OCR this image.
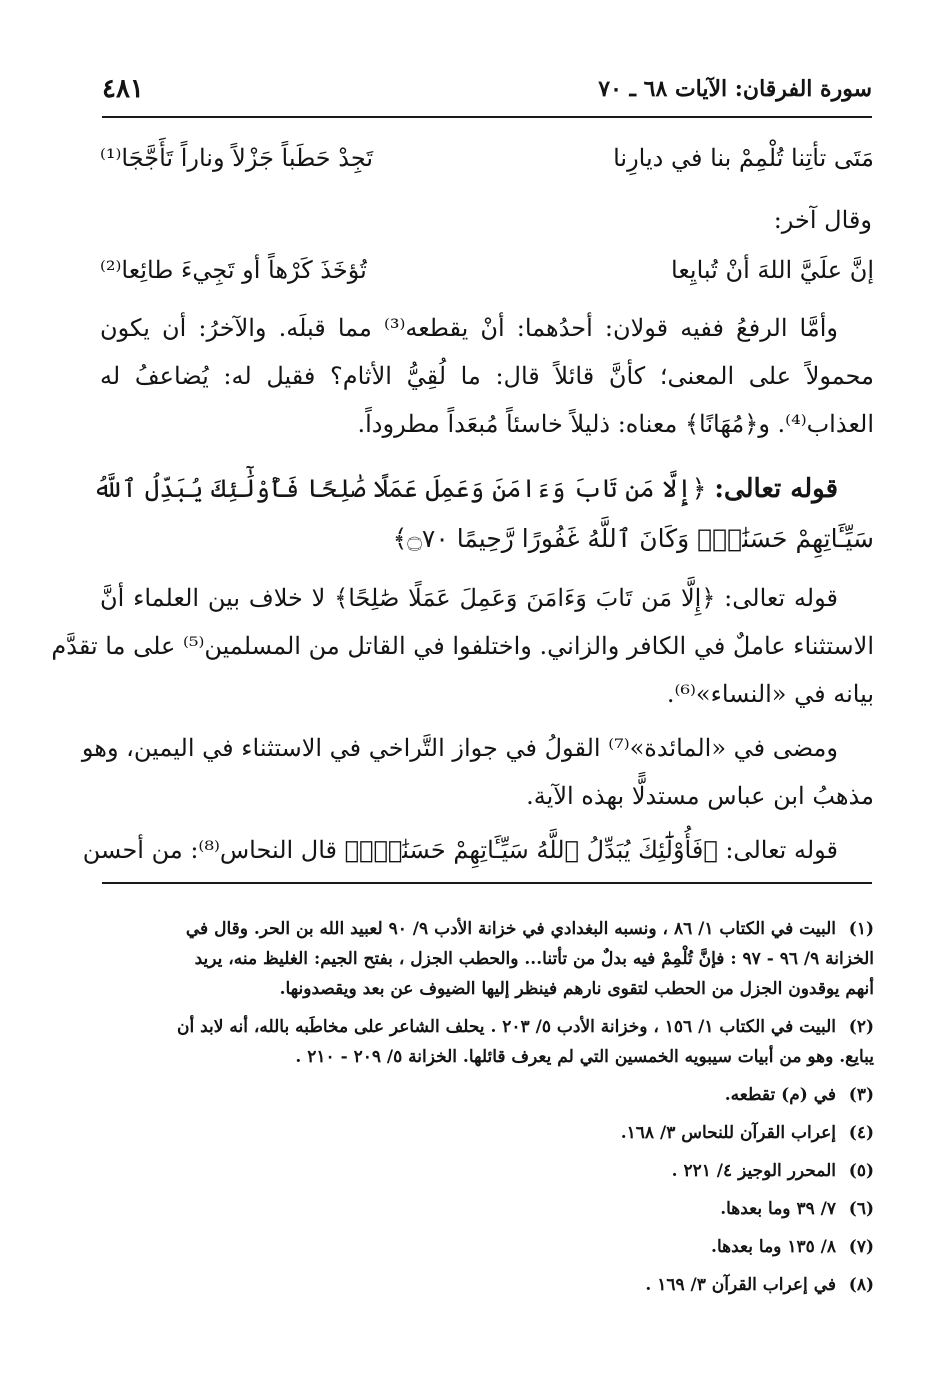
سورة الفرقان: الآيات ٦٨ ـ ٧٠
٤٨١
مَتَى تأتِنا تُلْمِمْ بنا في ديارِنا
تَجِدْ حَطَباً جَزْلاً وناراً تَأَجَّجَا⁽¹⁾
وقال آخر:
إنَّ علَيَّ اللهَ أنْ تُبايِعا
تُؤخَذَ كَرْهاً أو تَجِيءَ طائِعا⁽²⁾
وأمَّا الرفعُ ففيه قولان: أحدُهما: أنْ يقطعه⁽³⁾ مما قبلَه. والآخرُ: أن يكون
محمولاً على المعنى؛ كأنَّ قائلاً قال: ما لُقِيُّ الأثام؟ فقيل له: يُضاعفُ له
العذاب⁽⁴⁾. و﴿مُهَانًا﴾ معناه: ذليلاً خاسئاً مُبعَداً مطروداً.
قوله تعالى: ﴿إِلَّا مَن تَابَ وَءَامَنَ وَعَمِلَ عَمَلًا صَٰلِحًا فَأُوْلَٰٓئِكَ يُبَدِّلُ ٱللَّهُ
سَيِّـَٔاتِهِمْ حَسَنَٰتٍۗ وَكَانَ ٱللَّهُ غَفُورًا رَّحِيمًا ۝٧٠﴾
قوله تعالى: ﴿إِلَّا مَن تَابَ وَءَامَنَ وَعَمِلَ عَمَلًا صَٰلِحًا﴾ لا خلاف بين العلماء أنَّ
الاستثناء عاملٌ في الكافر والزاني. واختلفوا في القاتل من المسلمين⁽⁵⁾ على ما تقدَّم
بيانه في «النساء»⁽⁶⁾.
ومضى في «المائدة»⁽⁷⁾ القولُ في جواز التَّراخي في الاستثناء في اليمين، وهو
مذهبُ ابن عباس مستدلًّا بهذه الآية.
قوله تعالى: ﴿فَأُوْلَٰٓئِكَ يُبَدِّلُ ٱللَّهُ سَيِّـَٔاتِهِمْ حَسَنَٰتٍۗ﴾ قال النحاس⁽⁸⁾: من أحسن
(١)
البيت في الكتاب ١/ ٨٦ ، ونسبه البغدادي في خزانة الأدب ٩/ ٩٠ لعبيد الله بن الحر. وقال في
الخزانة ٩/ ٩٦ - ٩٧ : فإنَّ تُلْمِمْ فيه بدلٌ من تأتنا... والحطب الجزل ، بفتح الجيم: الغليظ منه، يريد
أنهم يوقدون الجزل من الحطب لتقوى نارهم فينظر إليها الضيوف عن بعد ويقصدونها.
(٢)
البيت في الكتاب ١/ ١٥٦ ، وخزانة الأدب ٥/ ٢٠٣ . يحلف الشاعر على مخاطَبه بالله، أنه لابد أن
يبايع. وهو من أبيات سيبويه الخمسين التي لم يعرف قائلها. الخزانة ٥/ ٢٠٩ - ٢١٠ .
(٣)
في (م) تقطعه.
(٤)
إعراب القرآن للنحاس ٣/ ١٦٨.
(٥)
المحرر الوجيز ٤/ ٢٢١ .
(٦)
٧/ ٣٩ وما بعدها.
(٧)
٨/ ١٣٥ وما بعدها.
(٨)
في إعراب القرآن ٣/ ١٦٩ .
